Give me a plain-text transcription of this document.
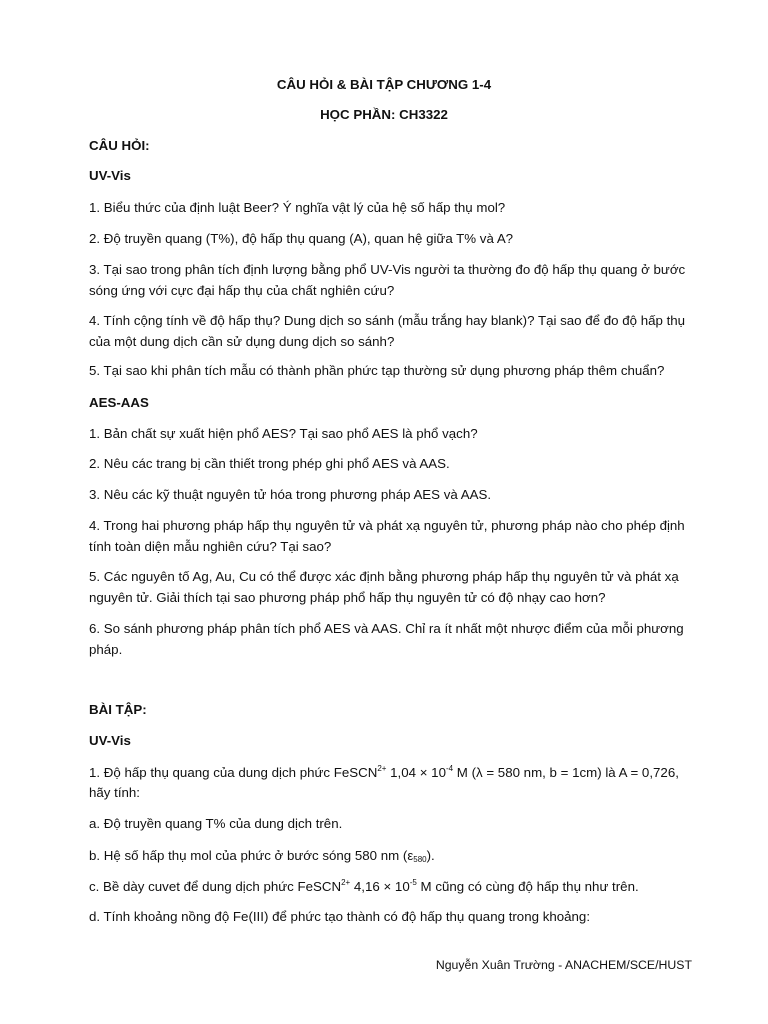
CÂU HỎI & BÀI TẬP CHƯƠNG 1-4

HỌC PHẦN: CH3322

CÂU HỎI:

UV-Vis

1. Biểu thức của định luật Beer? Ý nghĩa vật lý của hệ số hấp thụ mol?

2. Độ truyền quang (T%), độ hấp thụ quang (A), quan hệ giữa T% và A?

3. Tại sao trong phân tích định lượng bằng phổ UV-Vis người ta thường đo độ hấp thụ quang ở bước sóng ứng với cực đại hấp thụ của chất nghiên cứu?

4. Tính cộng tính về độ hấp thụ? Dung dịch so sánh (mẫu trắng hay blank)? Tại sao để đo độ hấp thụ của một dung dịch cần sử dụng dung dịch so sánh?

5. Tại sao khi phân tích mẫu có thành phần phức tạp thường sử dụng phương pháp thêm chuẩn?

AES-AAS

1. Bản chất sự xuất hiện phổ AES? Tại sao phổ AES là phổ vạch?

2. Nêu các trang bị cần thiết trong phép ghi phổ AES và AAS.

3. Nêu các kỹ thuật nguyên tử hóa trong phương pháp AES và AAS.

4. Trong hai phương pháp hấp thụ nguyên tử và phát xạ nguyên tử, phương pháp nào cho phép định tính toàn diện mẫu nghiên cứu? Tại sao?

5. Các nguyên tố Ag, Au, Cu có thể được xác định bằng phương pháp hấp thụ nguyên tử và phát xạ nguyên tử. Giải thích tại sao phương pháp phổ hấp thụ nguyên tử có độ nhạy cao hơn?

6. So sánh phương pháp phân tích phổ AES và AAS. Chỉ ra ít nhất một nhược điểm của mỗi phương pháp.

BÀI TẬP:

UV-Vis

1. Độ hấp thụ quang của dung dịch phức FeSCN$^{2+}$ $1,04 \times 10^{-4}$ M (λ = 580 nm, b = 1cm) là A = 0,726,

hãy tính:

a. Độ truyền quang T% của dung dịch trên.

b. Hệ số hấp thụ mol của phức ở bước sóng 580 nm $(\varepsilon_{580})$.

c. Bề dày cuvet để dung dịch phức FeSCN$^{2+}$ $4,16 \times 10^{-5}$ M cũng có cùng độ hấp thụ như trên.

d. Tính khoảng nồng độ Fe(III) để phức tạo thành có độ hấp thụ quang trong khoảng:

Nguyễn Xuân Trường - ANACHEM/SCE/HUST
